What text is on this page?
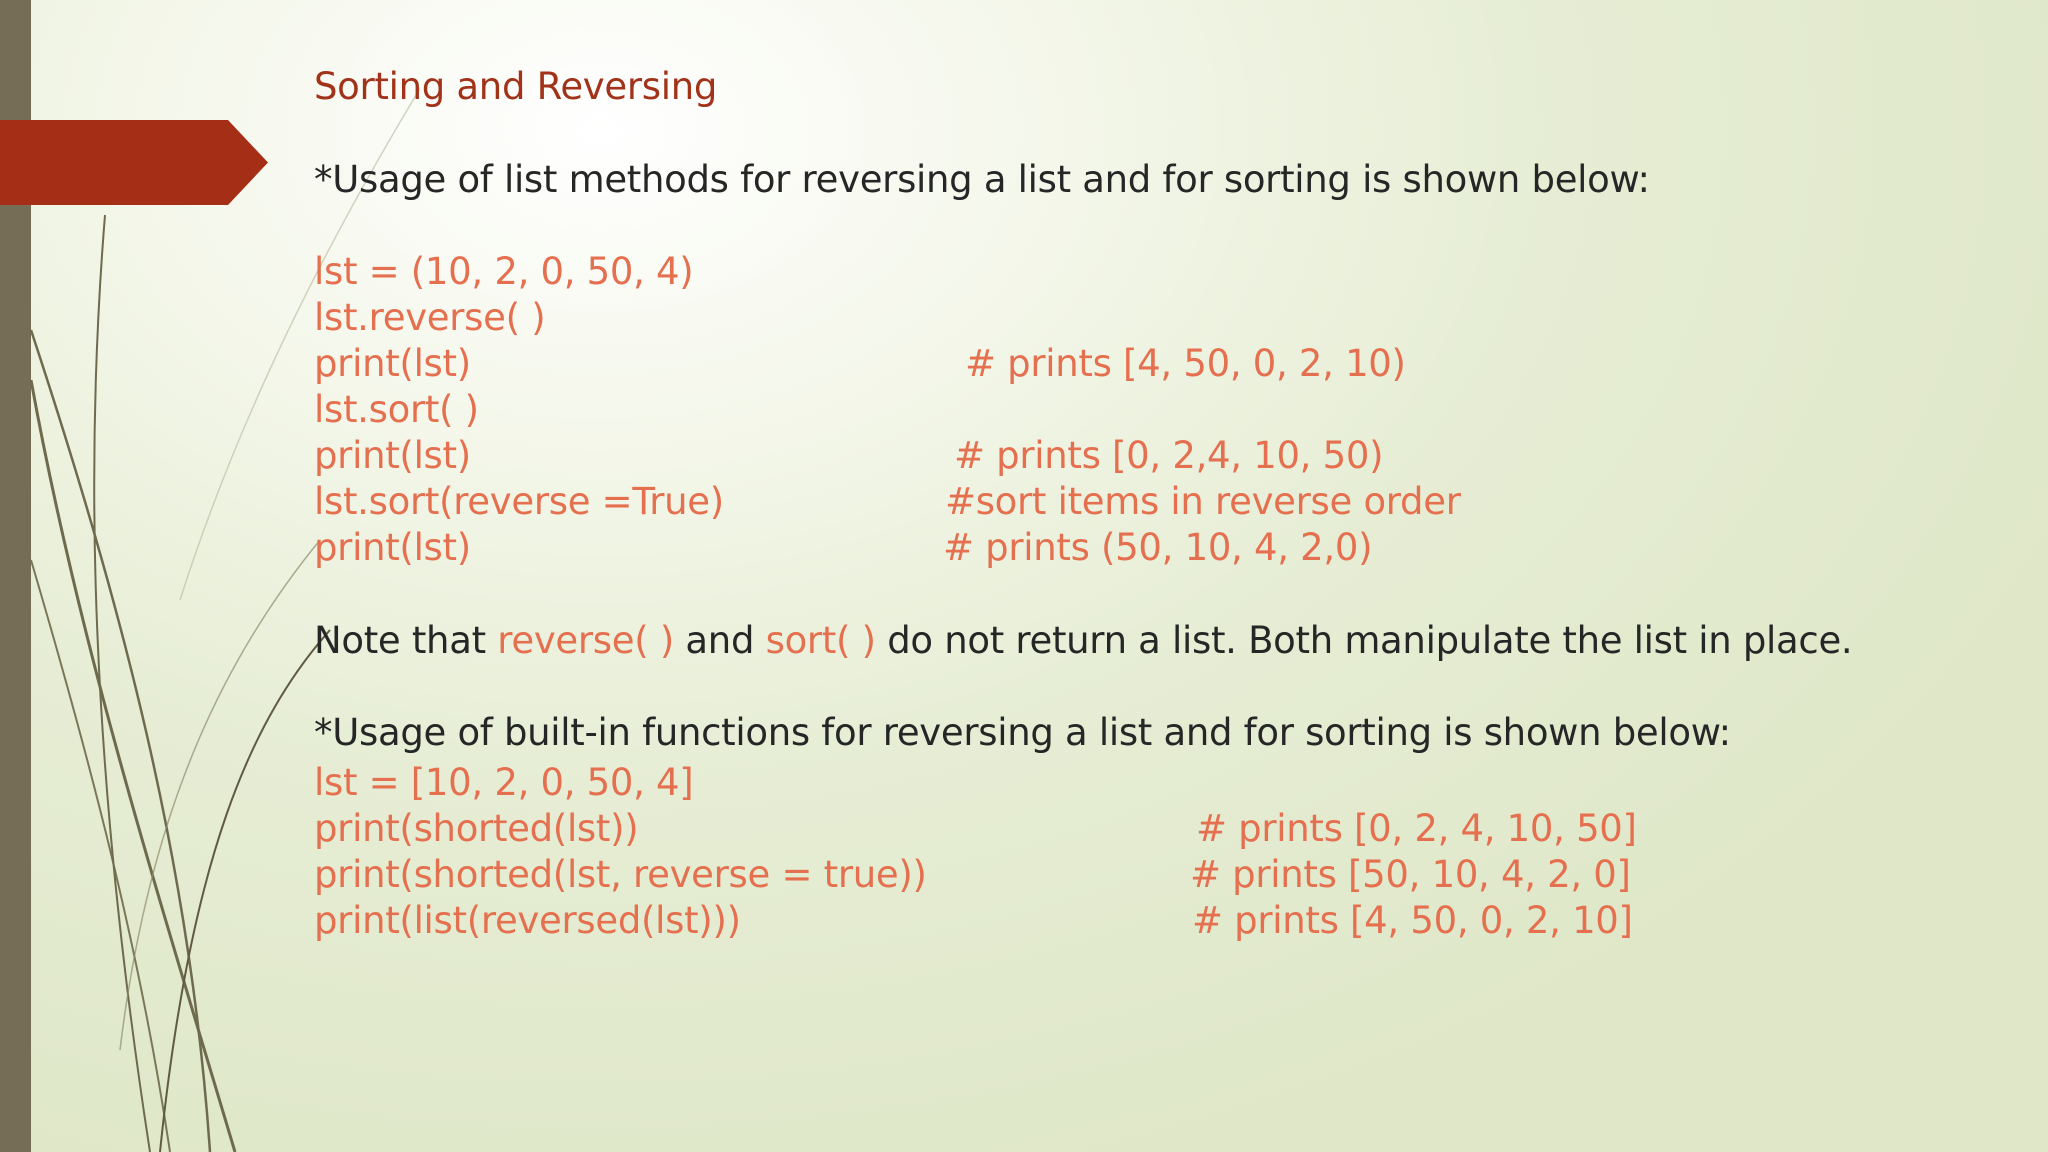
Sorting and Reversing
*Usage of list methods for reversing a list and for sorting is shown below:
lst = (10, 2, 0, 50, 4)
lst.reverse( )
print(lst)	# prints [4, 50, 0, 2, 10)
lst.sort( )
print(lst)	# prints [0, 2,4, 10, 50)
lst.sort(reverse =True)	#sort items in reverse order
print(lst)	# prints (50, 10, 4, 2,0)
Note that reverse( ) and sort( ) do not return a list. Both manipulate the list in place.
*Usage of built-in functions for reversing a list and for sorting is shown below:
lst = [10, 2, 0, 50, 4]
print(shorted(lst))	# prints [0, 2, 4, 10, 50]
print(shorted(lst, reverse = true))	# prints [50, 10, 4, 2, 0]
print(list(reversed(lst)))	# prints [4, 50, 0, 2, 10]
